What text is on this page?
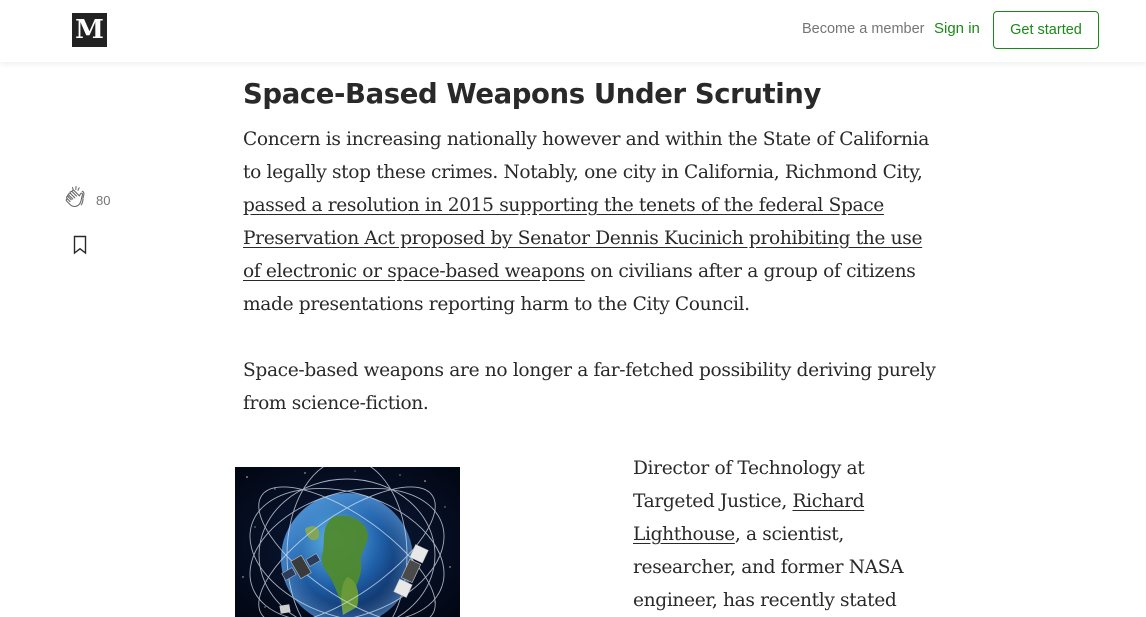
M	Become a member Sign in	Get started
80
Space-Based Weapons Under Scrutiny

Concern is increasing nationally however and within the State of California
to legally stop these crimes. Notably, one city in California, Richmond City,
passed a resolution in 2015 supporting the tenets of the federal Space
Preservation Act proposed by Senator Dennis Kucinich prohibiting the use
of electronic or space-based weapons on civilians after a group of citizens
made presentations reporting harm to the City Council.

Space-based weapons are no longer a far-fetched possibility deriving purely
from science-fiction.

Director of Technology at
Targeted Justice, Richard
Lighthouse, a scientist,
researcher, and former NASA
engineer, has recently stated
